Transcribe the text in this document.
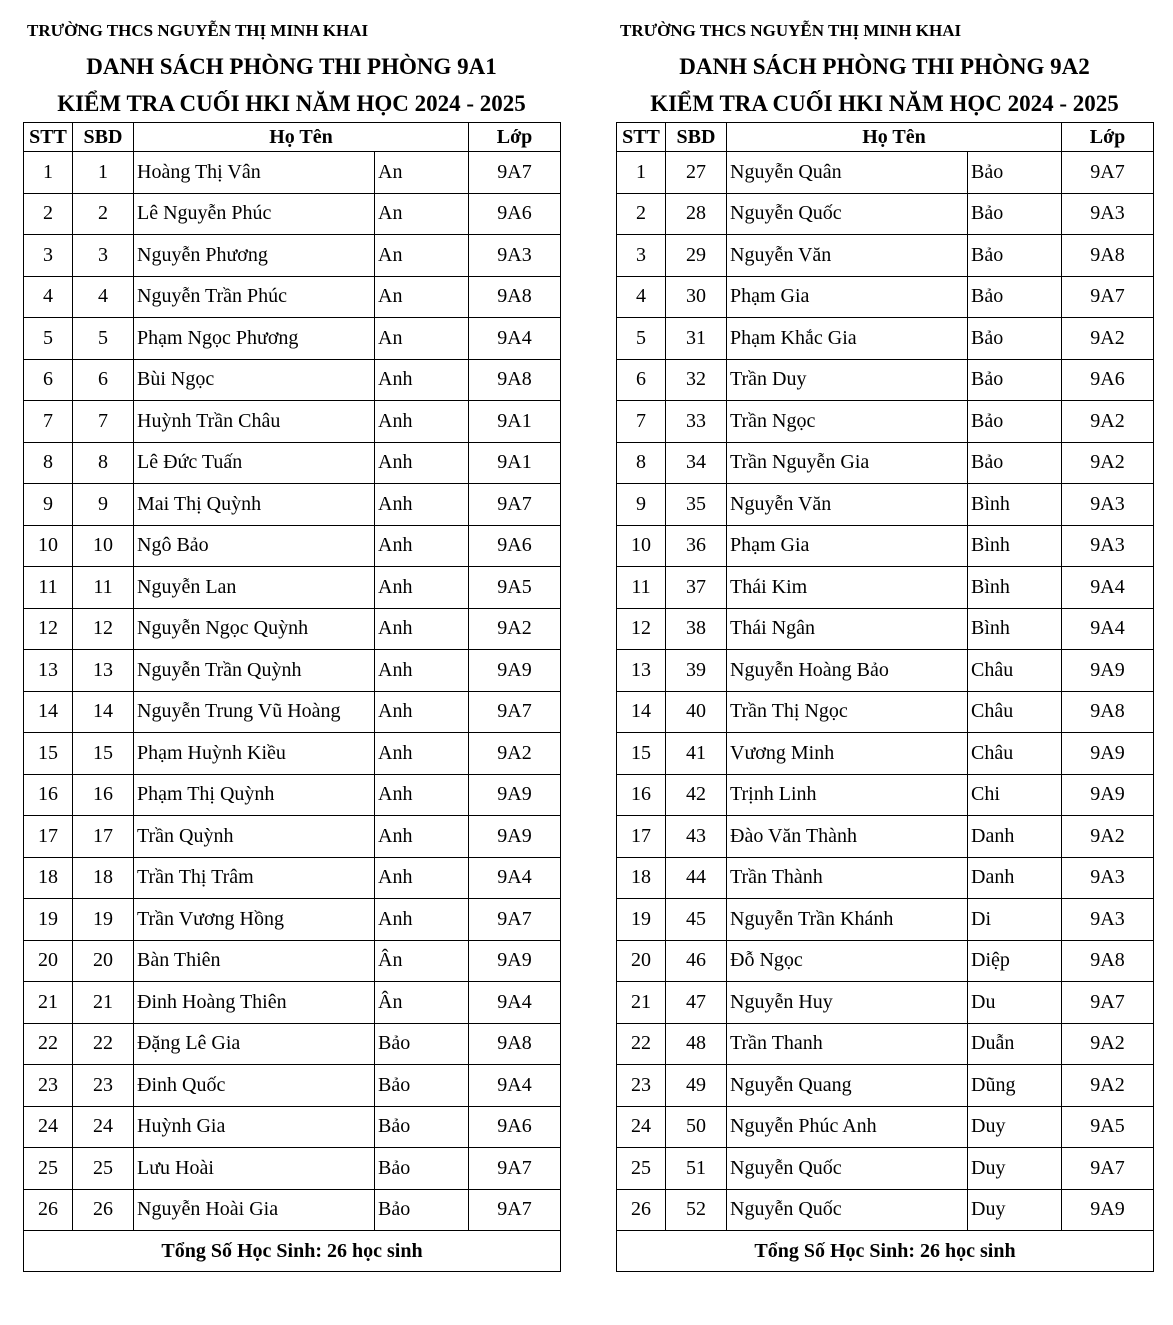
TRƯỜNG THCS NGUYỄN THỊ MINH KHAI
DANH SÁCH PHÒNG THI PHÒNG 9A1
KIỂM TRA CUỐI HKI NĂM HỌC 2024 - 2025
STT	SBD	Họ Tên		Lớp
1	1	Hoàng Thị Vân	An	9A7
2	2	Lê Nguyễn Phúc	An	9A6
3	3	Nguyễn Phương	An	9A3
4	4	Nguyễn Trần Phúc	An	9A8
5	5	Phạm Ngọc Phương	An	9A4
6	6	Bùi Ngọc	Anh	9A8
7	7	Huỳnh Trần Châu	Anh	9A1
8	8	Lê Đức Tuấn	Anh	9A1
9	9	Mai Thị Quỳnh	Anh	9A7
10	10	Ngô Bảo	Anh	9A6
11	11	Nguyễn Lan	Anh	9A5
12	12	Nguyễn Ngọc Quỳnh	Anh	9A2
13	13	Nguyễn Trần Quỳnh	Anh	9A9
14	14	Nguyễn Trung Vũ Hoàng	Anh	9A7
15	15	Phạm Huỳnh Kiều	Anh	9A2
16	16	Phạm Thị Quỳnh	Anh	9A9
17	17	Trần Quỳnh	Anh	9A9
18	18	Trần Thị Trâm	Anh	9A4
19	19	Trần Vương Hồng	Anh	9A7
20	20	Bàn Thiên	Ân	9A9
21	21	Đinh Hoàng Thiên	Ân	9A4
22	22	Đặng Lê Gia	Bảo	9A8
23	23	Đinh Quốc	Bảo	9A4
24	24	Huỳnh Gia	Bảo	9A6
25	25	Lưu Hoài	Bảo	9A7
26	26	Nguyễn Hoài Gia	Bảo	9A7
Tổng Số Học Sinh: 26 học sinh				
TRƯỜNG THCS NGUYỄN THỊ MINH KHAI
DANH SÁCH PHÒNG THI PHÒNG 9A2
KIỂM TRA CUỐI HKI NĂM HỌC 2024 - 2025
STT	SBD	Họ Tên		Lớp
1	27	Nguyễn Quân	Bảo	9A7
2	28	Nguyễn Quốc	Bảo	9A3
3	29	Nguyễn Văn	Bảo	9A8
4	30	Phạm Gia	Bảo	9A7
5	31	Phạm Khắc Gia	Bảo	9A2
6	32	Trần Duy	Bảo	9A6
7	33	Trần Ngọc	Bảo	9A2
8	34	Trần Nguyễn Gia	Bảo	9A2
9	35	Nguyễn Văn	Bình	9A3
10	36	Phạm Gia	Bình	9A3
11	37	Thái Kim	Bình	9A4
12	38	Thái Ngân	Bình	9A4
13	39	Nguyễn Hoàng Bảo	Châu	9A9
14	40	Trần Thị Ngọc	Châu	9A8
15	41	Vương Minh	Châu	9A9
16	42	Trịnh Linh	Chi	9A9
17	43	Đào Văn Thành	Danh	9A2
18	44	Trần Thành	Danh	9A3
19	45	Nguyễn Trần Khánh	Di	9A3
20	46	Đỗ Ngọc	Diệp	9A8
21	47	Nguyễn Huy	Du	9A7
22	48	Trần Thanh	Duẫn	9A2
23	49	Nguyễn Quang	Dũng	9A2
24	50	Nguyễn Phúc Anh	Duy	9A5
25	51	Nguyễn Quốc	Duy	9A7
26	52	Nguyễn Quốc	Duy	9A9
Tổng Số Học Sinh: 26 học sinh				
